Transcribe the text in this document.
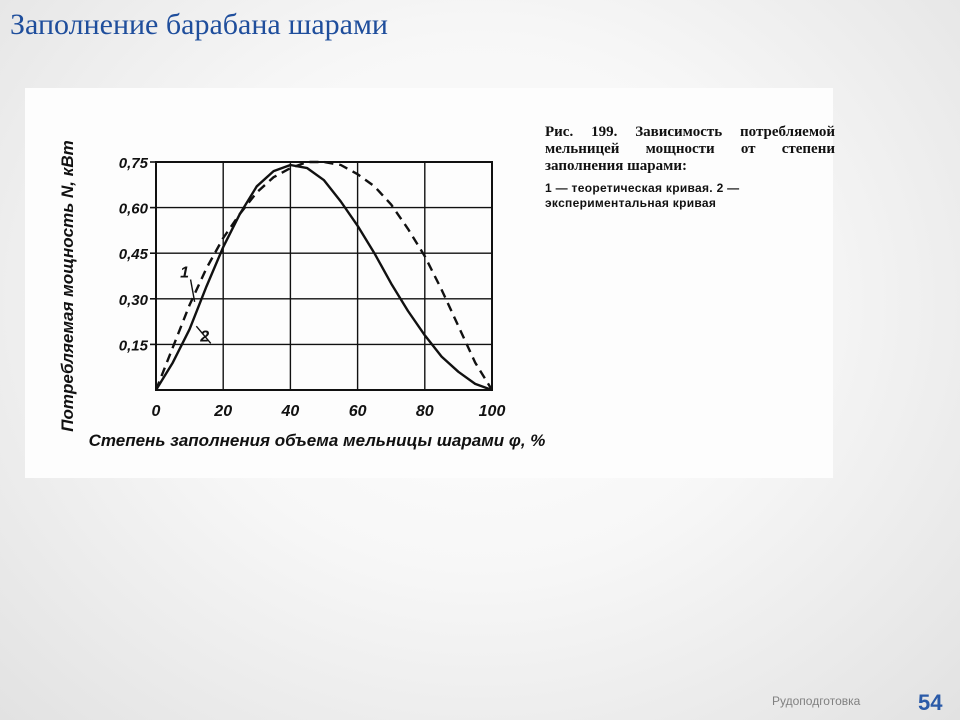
Заполнение барабана шарами
0,15
0,30
0,45
0,60
0,75
0	20	40	60	80	100
1
2
Потребляемая мощность N, кВт
Степень заполнения объема мельницы шарами φ, %
Рис. 199. Зависимость потребляемой мельницей мощности от степени заполнения шарами:
1 — теоретическая кривая. 2 — экспериментальная кривая
Рудоподготовка	54
